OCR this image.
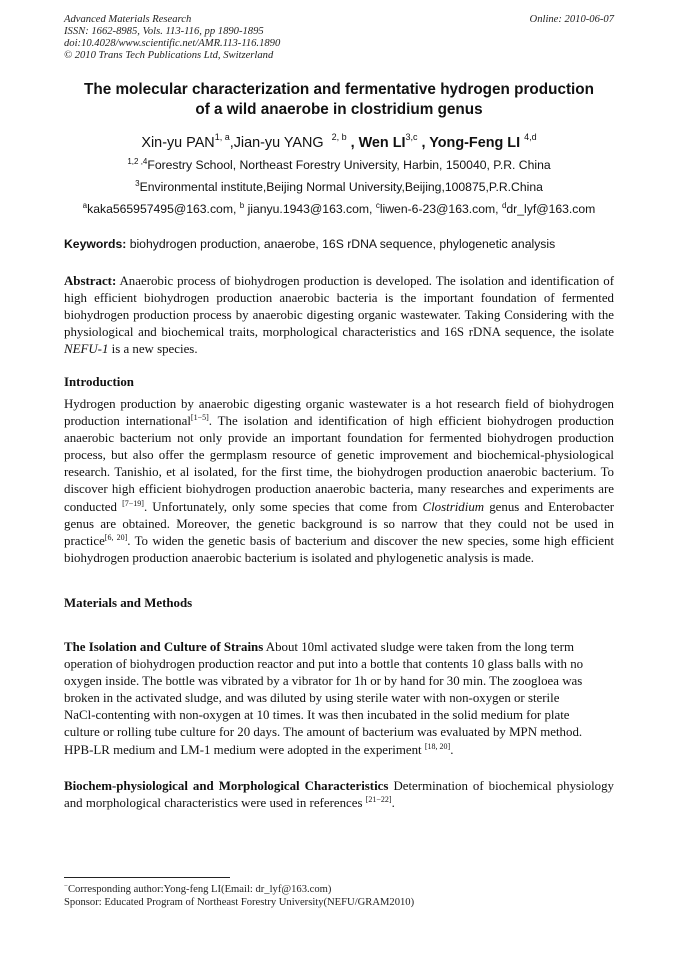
Advanced Materials Research
ISSN: 1662-8985, Vols. 113-116, pp 1890-1895
doi:10.4028/www.scientific.net/AMR.113-116.1890
© 2010 Trans Tech Publications Ltd, Switzerland
Online: 2010-06-07
The molecular characterization and fermentative hydrogen production
of a wild anaerobe in clostridium genus
Xin-yu PAN$^{1, a}$,Jian-yu YANG $^{2, b}$ , Wen LI$^{3,c}$ , Yong-Feng LI $^{4,d}$
$^{1,2 ,4}$Forestry School, Northeast Forestry University, Harbin, 150040, P.R. China
$^3$Environmental institute,Beijing Normal University,Beijing,100875,P.R.China
$^a$kaka565957495@163.com, $^b$ jianyu.1943@163.com, $^c$liwen-6-23@163.com, $^d$dr_lyf@163.com
Keywords: biohydrogen production, anaerobe, 16S rDNA sequence, phylogenetic analysis
Abstract: Anaerobic process of biohydrogen production is developed. The isolation and identification of high efficient biohydrogen production anaerobic bacteria is the important foundation of fermented biohydrogen production process by anaerobic digesting organic wastewater. Taking Considering with the physiological and biochemical traits, morphological characteristics and 16S rDNA sequence, the isolate NEFU-1 is a new species.
Introduction
Hydrogen production by anaerobic digesting organic wastewater is a hot research field of biohydrogen production international[1−5]. The isolation and identification of high efficient biohydrogen production anaerobic bacterium not only provide an important foundation for fermented biohydrogen production process, but also offer the germplasm resource of genetic improvement and biochemical-physiological research. Tanishio, et al isolated, for the first time, the biohydrogen production anaerobic bacterium. To discover high efficient biohydrogen production anaerobic bacteria, many researches and experiments are conducted [7−19]. Unfortunately, only some species that come from Clostridium genus and Enterobacter genus are obtained. Moreover, the genetic background is so narrow that they could not be used in practice[6, 20]. To widen the genetic basis of bacterium and discover the new species, some high efficient biohydrogen production anaerobic bacterium is isolated and phylogenetic analysis is made.
Materials and Methods
The Isolation and Culture of Strains About 10ml activated sludge were taken from the long term
operation of biohydrogen production reactor and put into a bottle that contents 10 glass balls with no
oxygen inside. The bottle was vibrated by a vibrator for 1h or by hand for 30 min. The zoogloea was
broken in the activated sludge, and was diluted by using sterile water with non-oxygen or sterile
NaCl-contenting with non-oxygen at 10 times. It was then incubated in the solid medium for plate
culture or rolling tube culture for 20 days. The amount of bacterium was evaluated by MPN method.
HPB-LR medium and LM-1 medium were adopted in the experiment [18, 20].
Biochem-physiological and Morphological Characteristics Determination of biochemical physiology and morphological characteristics were used in references [21−22].
−Corresponding author:Yong-feng LI(Email: dr_lyf@163.com)
Sponsor: Educated Program of Northeast Forestry University(NEFU/GRAM2010)
